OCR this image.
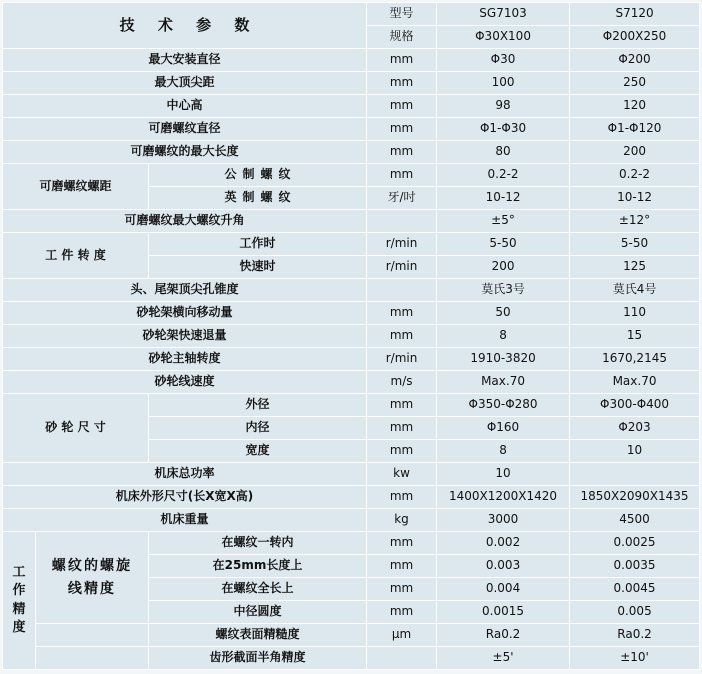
技 术 参 数			型号	SG7103	S7120
			规格	Φ30X100	Φ200X250
最大安装直径			mm	Φ30	Φ200
最大顶尖距			mm	100	250
中心高			mm	98	120
可磨螺纹直径			mm	Φ1-Φ30	Φ1-Φ120
可磨螺纹的最大长度			mm	80	200
可磨螺纹螺距		公制螺纹	mm	0.2-2	0.2-2
		英制螺纹	牙/吋	10-12	10-12
可磨螺纹最大螺纹升角				±5°	±12°
工 件 转 度		工作时	r/min	5-50	5-50
		快速时	r/min	200	125
头、尾架顶尖孔锥度				莫氏3号	莫氏4号
砂轮架横向移动量			mm	50	110
砂轮架快速退量			mm	8	15
砂轮主轴转度			r/min	1910-3820	1670,2145
砂轮线速度			m/s	Max.70	Max.70
砂 轮 尺 寸		外径	mm	Φ350-Φ280	Φ300-Φ400
		内径	mm	Φ160	Φ203
		宽度	mm	8	10
机床总功率			kw	10	
机床外形尺寸(长X宽X高)			mm	1400X1200X1420	1850X2090X1435
机床重量			kg	3000	4500
工作精度	螺纹的螺旋线精度	在螺纹一转内	mm	0.002	0.0025
		在25mm长度上	mm	0.003	0.0035
		在螺纹全长上	mm	0.004	0.0045
		中径圆度	mm	0.0015	0.005
		螺纹表面精糙度	μm	Ra0.2	Ra0.2
		齿形截面半角精度		±5'	±10'
